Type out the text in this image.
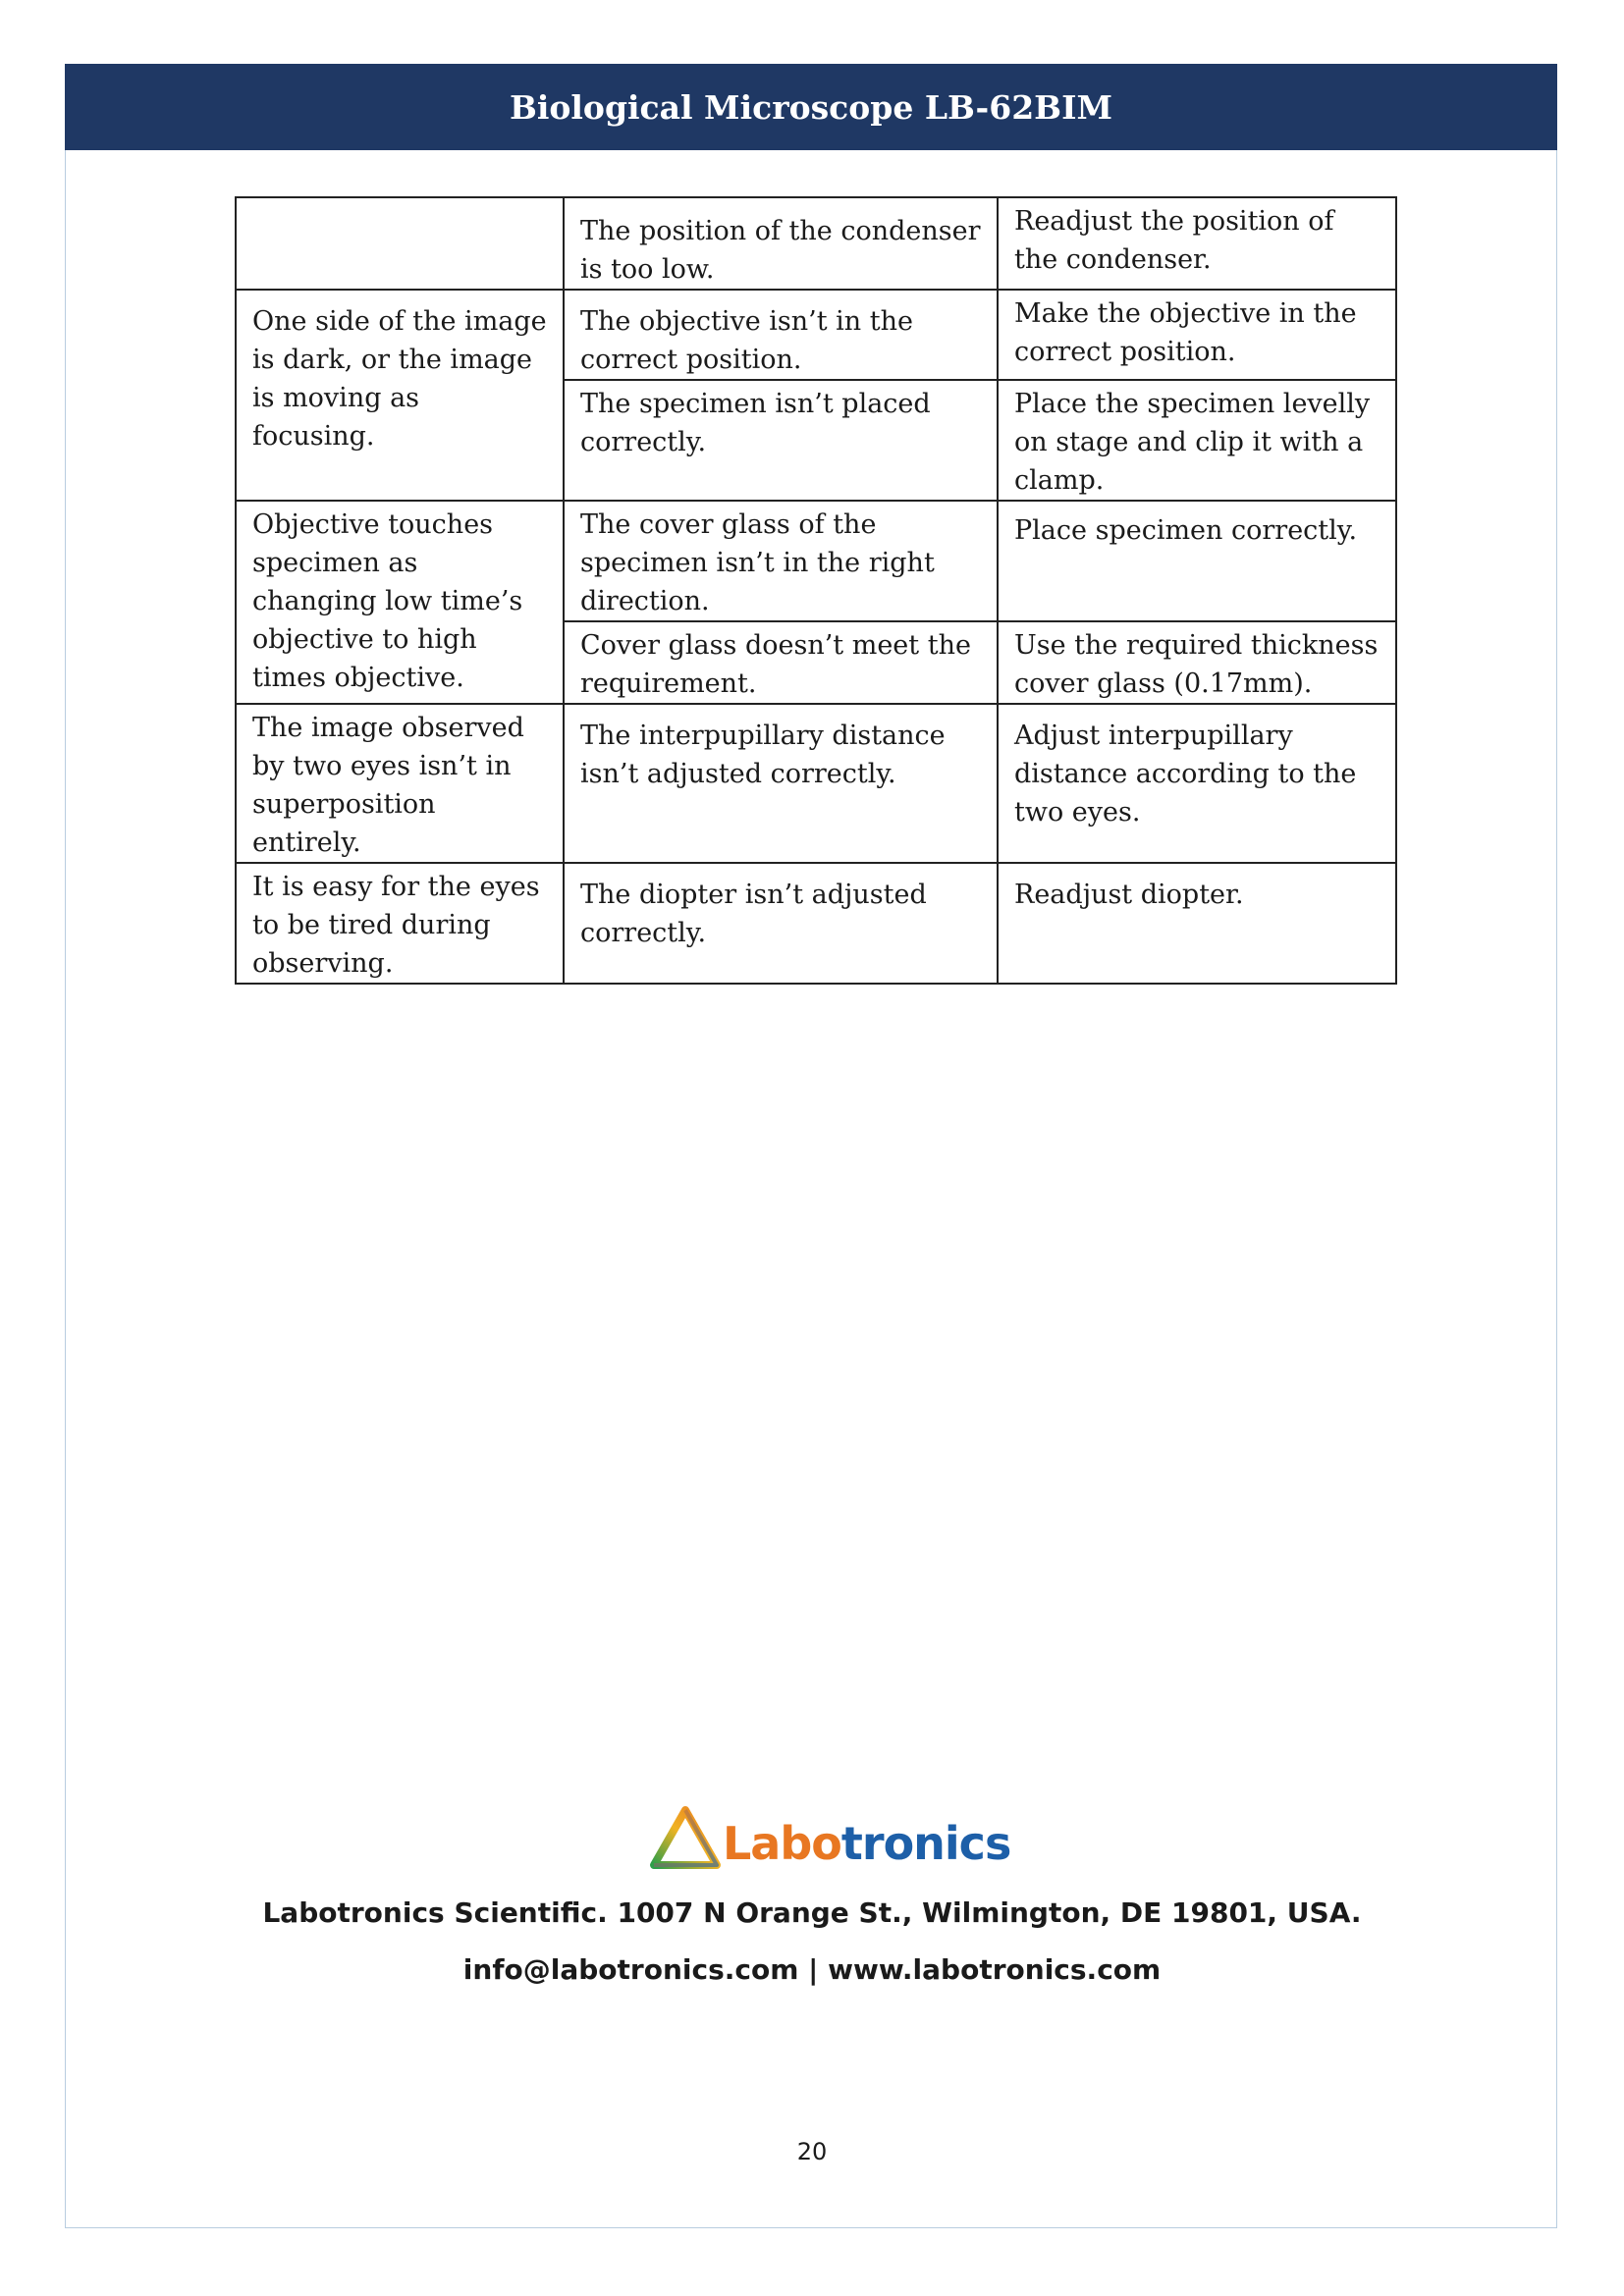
Biological Microscope LB-62BIM
	The position of the condenser is too low.	Readjust the position of the condenser.
One side of the image is dark, or the image is moving as focusing.	The objective isn’t in the correct position.	Make the objective in the correct position.
	The specimen isn’t placed correctly.	Place the specimen levelly on stage and clip it with a clamp.
Objective touches specimen as changing low time’s objective to high times objective.	The cover glass of the specimen isn’t in the right direction.	Place specimen correctly.
	Cover glass doesn’t meet the requirement.	Use the required thickness cover glass (0.17mm).
The image observed by two eyes isn’t in superposition entirely.	The interpupillary distance isn’t adjusted correctly.	Adjust interpupillary distance according to the two eyes.
It is easy for the eyes to be tired during observing.	The diopter isn’t adjusted correctly.	Readjust diopter.
Labotronics
Labotronics Scientific. 1007 N Orange St., Wilmington, DE 19801, USA.
info@labotronics.com | www.labotronics.com
20
